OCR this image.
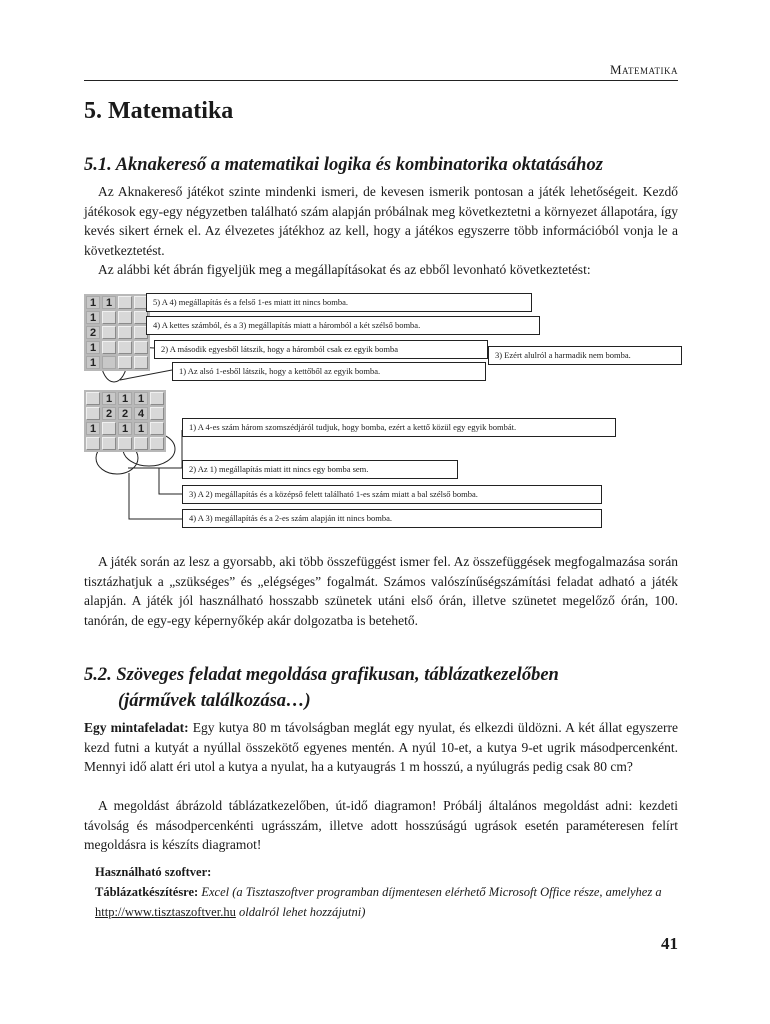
Matematika
5. Matematika
5.1. Aknakereső a matematikai logika és kombinatorika oktatásához

Az Aknakereső játékot szinte mindenki ismeri, de kevesen ismerik pontosan a játék lehetőségeit. Kezdő játékosok egy-egy négyzetben található szám alapján próbálnak meg következtetni a környezet állapotára, így kevés sikert érnek el. Az élvezetes játékhoz az kell, hogy a játékos egyszerre több információból vonja le a következtetést.

Az alábbi két ábrán figyeljük meg a megállapításokat és az ebből levonható következtetést:

1 1
1
2
1
1
1 1 1
2 2 4
1	1 1
5) A 4) megállapítás és a felső 1-es miatt itt nincs bomba.
4) A kettes számból, és a 3) megállapítás miatt a háromból a két szélső bomba.
2) A második egyesből látszik, hogy a háromból csak ez egyik bomba
3) Ezért alulról a harmadik nem bomba.
1) Az alsó 1-esből látszik, hogy a kettőből az egyik bomba.
1) A 4-es szám három szomszédjáról tudjuk, hogy bomba, ezért a kettő közül egy egyik bombát.
2) Az 1) megállapítás miatt itt nincs egy bomba sem.
3) A 2) megállapítás és a középső felett található 1-es szám miatt a bal szélső bomba.
4) A 3) megállapítás és a 2-es szám alapján itt nincs bomba.

A játék során az lesz a gyorsabb, aki több összefüggést ismer fel. Az összefüggések megfogalmazása során tisztázhatjuk a „szükséges” és „elégséges” fogalmát. Számos valószínűségszámítási feladat adható a játék alapján. A játék jól használható hosszabb szünetek utáni első órán, illetve szünetet megelőző órán, 100. tanórán, de egy-egy képernyőkép akár dolgozatba is betehető.

5.2. Szöveges feladat megoldása grafikusan, táblázatkezelőben
(járművek találkozása…)

Egy mintafeladat: Egy kutya 80 m távolságban meglát egy nyulat, és elkezdi üldözni. A két állat egyszerre kezd futni a kutyát a nyúllal összekötő egyenes mentén. A nyúl 10-et, a kutya 9-et ugrik másodpercenként. Mennyi idő alatt éri utol a kutya a nyulat, ha a kutyaugrás 1 m hosszú, a nyúlugrás pedig csak 80 cm?

A megoldást ábrázold táblázatkezelőben, út-idő diagramon! Próbálj általános megoldást adni: kezdeti távolság és másodpercenkénti ugrásszám, illetve adott hosszúságú ugrások esetén paraméteresen felírt megoldásra is készíts diagramot!

Használható szoftver:
Táblázatkészítésre: Excel (a Tisztaszoftver programban díjmentesen elérhető Microsoft Office része, amelyhez a http://www.tisztaszoftver.hu oldalról lehet hozzájutni)
41
